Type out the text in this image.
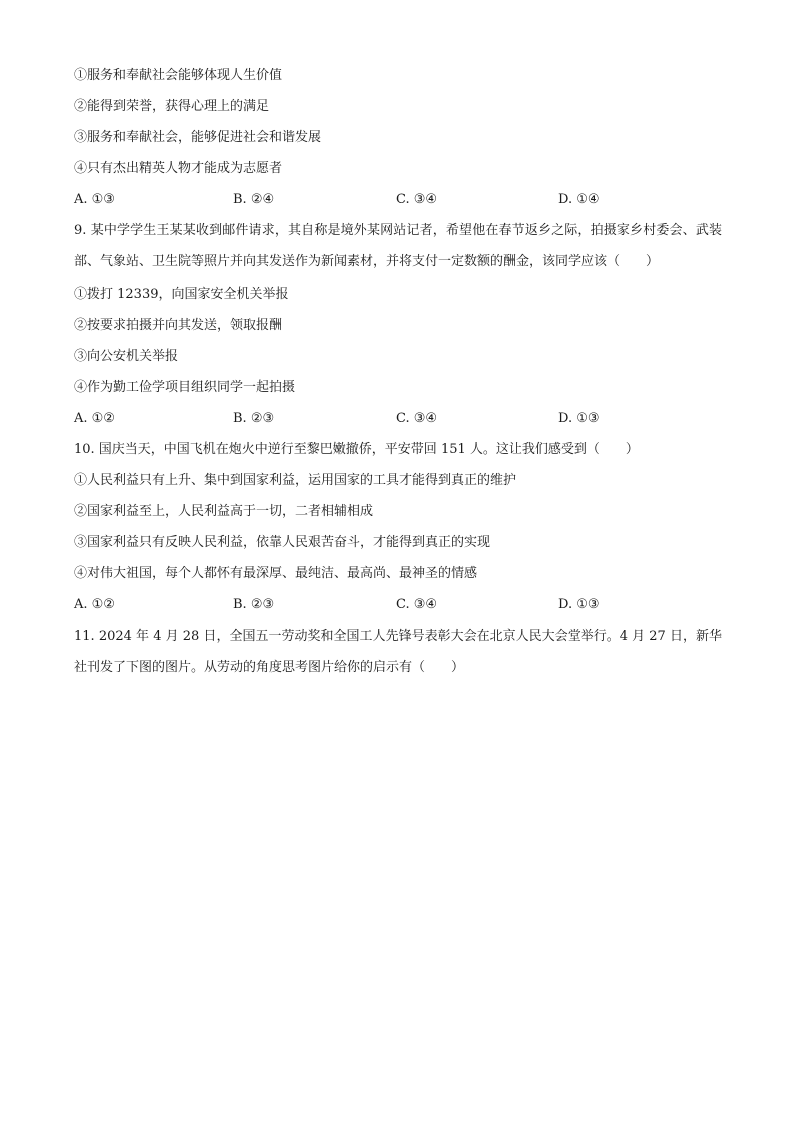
①服务和奉献社会能够体现人生价值
②能得到荣誉，获得心理上的满足
③服务和奉献社会，能够促进社会和谐发展
④只有杰出精英人物才能成为志愿者
A. ①③	B. ②④	C. ③④	D. ①④
9. 某中学学生王某某收到邮件请求，其自称是境外某网站记者，希望他在春节返乡之际，拍摄家乡村委会、武装部、气象站、卫生院等照片并向其发送作为新闻素材，并将支付一定数额的酬金，该同学应该（　　）
①拨打 12339，向国家安全机关举报
②按要求拍摄并向其发送，领取报酬
③向公安机关举报
④作为勤工俭学项目组织同学一起拍摄
A. ①②	B. ②③	C. ③④	D. ①③
10. 国庆当天，中国飞机在炮火中逆行至黎巴嫩撤侨，平安带回 151 人。这让我们感受到（　　）
①人民利益只有上升、集中到国家利益，运用国家的工具才能得到真正的维护
②国家利益至上，人民利益高于一切，二者相辅相成
③国家利益只有反映人民利益，依靠人民艰苦奋斗，才能得到真正的实现
④对伟大祖国，每个人都怀有最深厚、最纯洁、最高尚、最神圣的情感
A. ①②	B. ②③	C. ③④	D. ①③
11. 2024 年 4 月 28 日，全国五一劳动奖和全国工人先锋号表彰大会在北京人民大会堂举行。4 月 27 日，新华社刊发了下图的图片。从劳动的角度思考图片给你的启示有（　　）
